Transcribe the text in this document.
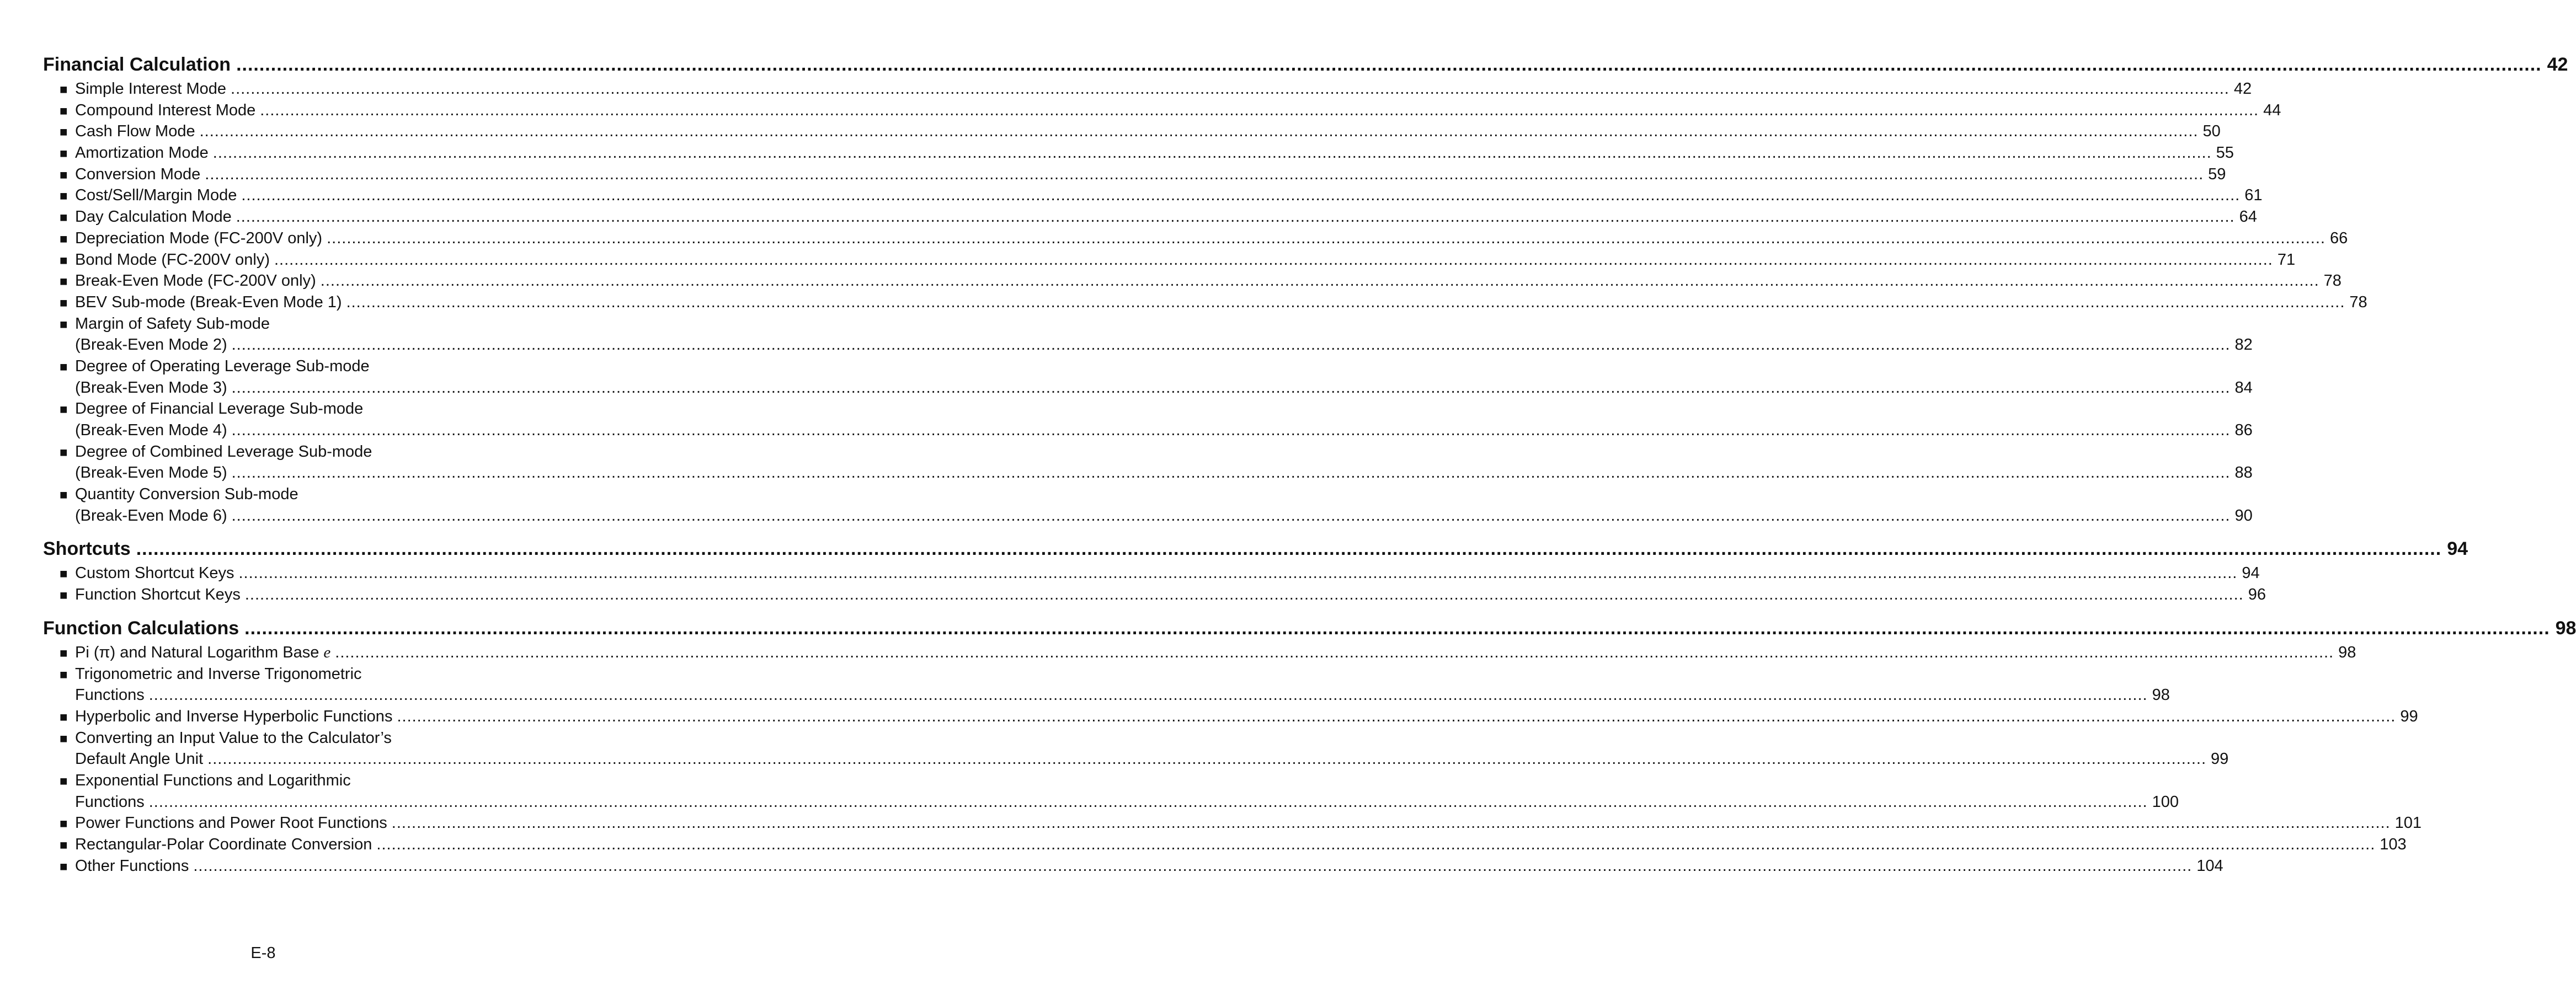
Financial Calculation ................................................................................................................................................................................................................................................................................................................................................................................................................ 42
■ Simple Interest Mode ................................................................................................................................................................................................................................................................................................................................................................................................................ 42
■ Compound Interest Mode ................................................................................................................................................................................................................................................................................................................................................................................................................ 44
■ Cash Flow Mode ................................................................................................................................................................................................................................................................................................................................................................................................................ 50
■ Amortization Mode ................................................................................................................................................................................................................................................................................................................................................................................................................ 55
■ Conversion Mode ................................................................................................................................................................................................................................................................................................................................................................................................................ 59
■ Cost/Sell/Margin Mode ................................................................................................................................................................................................................................................................................................................................................................................................................ 61
■ Day Calculation Mode ................................................................................................................................................................................................................................................................................................................................................................................................................ 64
■ Depreciation Mode (FC-200V only) ................................................................................................................................................................................................................................................................................................................................................................................................................ 66
■ Bond Mode (FC-200V only) ................................................................................................................................................................................................................................................................................................................................................................................................................ 71
■ Break-Even Mode (FC-200V only) ................................................................................................................................................................................................................................................................................................................................................................................................................ 78
■ BEV Sub-mode (Break-Even Mode 1) ................................................................................................................................................................................................................................................................................................................................................................................................................ 78
■ Margin of Safety Sub-mode
(Break-Even Mode 2) ................................................................................................................................................................................................................................................................................................................................................................................................................ 82
■ Degree of Operating Leverage Sub-mode
(Break-Even Mode 3) ................................................................................................................................................................................................................................................................................................................................................................................................................ 84
■ Degree of Financial Leverage Sub-mode
(Break-Even Mode 4) ................................................................................................................................................................................................................................................................................................................................................................................................................ 86
■ Degree of Combined Leverage Sub-mode
(Break-Even Mode 5) ................................................................................................................................................................................................................................................................................................................................................................................................................ 88
■ Quantity Conversion Sub-mode
(Break-Even Mode 6) ................................................................................................................................................................................................................................................................................................................................................................................................................ 90
Shortcuts ................................................................................................................................................................................................................................................................................................................................................................................................................ 94
■ Custom Shortcut Keys ................................................................................................................................................................................................................................................................................................................................................................................................................ 94
■ Function Shortcut Keys ................................................................................................................................................................................................................................................................................................................................................................................................................ 96
Function Calculations ................................................................................................................................................................................................................................................................................................................................................................................................................ 98
■ Pi (π) and Natural Logarithm Base
e ................................................................................................................................................................................................................................................................................................................................................................................................................ 98
■ Trigonometric and Inverse Trigonometric
Functions ................................................................................................................................................................................................................................................................................................................................................................................................................ 98
■ Hyperbolic and Inverse Hyperbolic Functions ................................................................................................................................................................................................................................................................................................................................................................................................................ 99
■ Converting an Input Value to the Calculator’s
Default Angle Unit ................................................................................................................................................................................................................................................................................................................................................................................................................ 99
■ Exponential Functions and Logarithmic
Functions ................................................................................................................................................................................................................................................................................................................................................................................................................ 100
■ Power Functions and Power Root Functions ................................................................................................................................................................................................................................................................................................................................................................................................................ 101
■ Rectangular-Polar Coordinate Conversion ................................................................................................................................................................................................................................................................................................................................................................................................................ 103
■ Other Functions ................................................................................................................................................................................................................................................................................................................................................................................................................ 104
E-8
